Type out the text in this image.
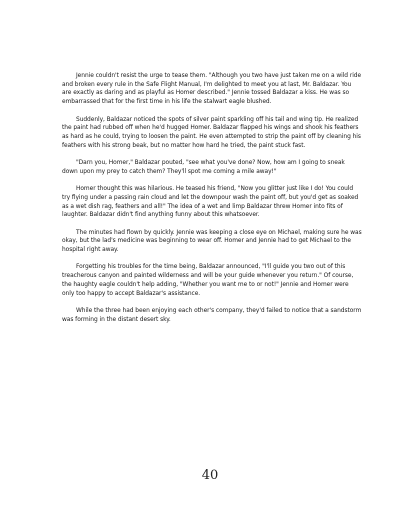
Jennie couldn't resist the urge to tease them. "Although you two have just taken me on a wild ride and broken every rule in the Safe Flight Manual, I'm delighted to meet you at last, Mr. Baldazar. You are exactly as daring and as playful as Homer described." Jennie tossed Baldazar a kiss. He was so embarrassed that for the first time in his life the stalwart eagle blushed.

Suddenly, Baldazar noticed the spots of silver paint sparkling off his tail and wing tip. He realized the paint had rubbed off when he'd hugged Homer. Baldazar flapped his wings and shook his feathers as hard as he could, trying to loosen the paint. He even attempted to strip the paint off by cleaning his feathers with his strong beak, but no matter how hard he tried, the paint stuck fast.

"Darn you, Homer," Baldazar pouted, "see what you've done? Now, how am I going to sneak down upon my prey to catch them? They'll spot me coming a mile away!"

Homer thought this was hilarious. He teased his friend, "Now you glitter just like I do! You could try flying under a passing rain cloud and let the downpour wash the paint off, but you'd get as soaked as a wet dish rag, feathers and all!" The idea of a wet and limp Baldazar threw Homer into fits of laughter. Baldazar didn't find anything funny about this whatsoever.

The minutes had flown by quickly. Jennie was keeping a close eye on Michael, making sure he was okay, but the lad's medicine was beginning to wear off. Homer and Jennie had to get Michael to the hospital right away.

Forgetting his troubles for the time being, Baldazar announced, "I'll guide you two out of this treacherous canyon and painted wilderness and will be your guide whenever you return." Of course, the haughty eagle couldn't help adding, "Whether you want me to or not!" Jennie and Homer were only too happy to accept Baldazar's assistance.

While the three had been enjoying each other's company, they'd failed to notice that a sandstorm was forming in the distant desert sky.

40
